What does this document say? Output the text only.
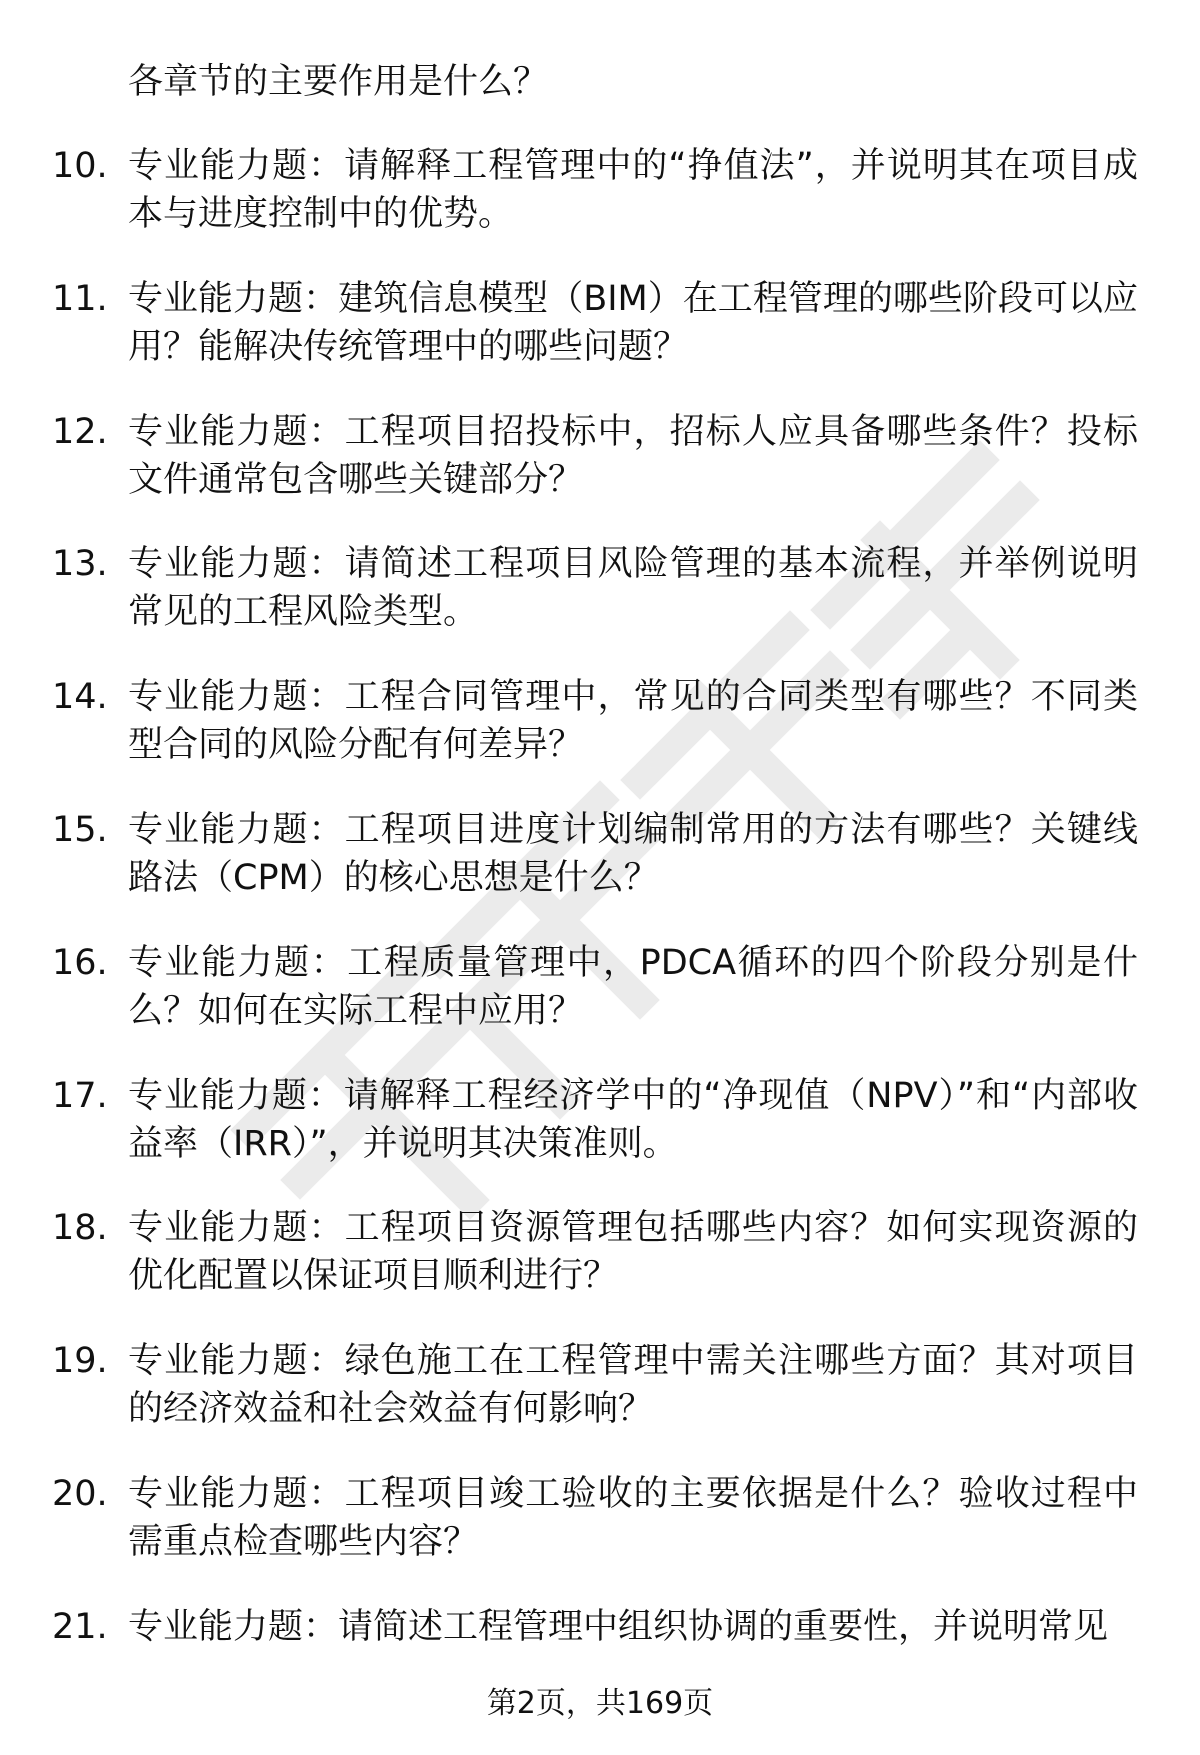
各章节的主要作用是什么？

10. 专业能力题：请解释工程管理中的“挣值法”，并说明其在项目成本与进度控制中的优势。
11. 专业能力题：建筑信息模型（BIM）在工程管理的哪些阶段可以应用？能解决传统管理中的哪些问题？
12. 专业能力题：工程项目招投标中，招标人应具备哪些条件？投标文件通常包含哪些关键部分？
13. 专业能力题：请简述工程项目风险管理的基本流程，并举例说明常见的工程风险类型。
14. 专业能力题：工程合同管理中，常见的合同类型有哪些？不同类型合同的风险分配有何差异？
15. 专业能力题：工程项目进度计划编制常用的方法有哪些？关键线路法（CPM）的核心思想是什么？
16. 专业能力题：工程质量管理中，PDCA循环的四个阶段分别是什么？如何在实际工程中应用？
17. 专业能力题：请解释工程经济学中的“净现值（NPV）”和“内部收益率（IRR）”，并说明其决策准则。
18. 专业能力题：工程项目资源管理包括哪些内容？如何实现资源的优化配置以保证项目顺利进行？
19. 专业能力题：绿色施工在工程管理中需关注哪些方面？其对项目的经济效益和社会效益有何影响？
20. 专业能力题：工程项目竣工验收的主要依据是什么？验收过程中需重点检查哪些内容？
21. 专业能力题：请简述工程管理中组织协调的重要性，并说明常见
第2页，共169页
